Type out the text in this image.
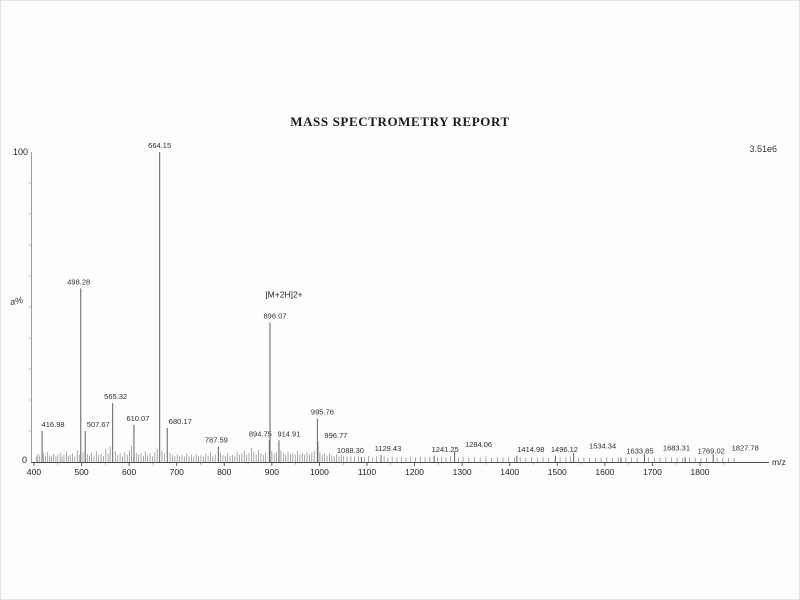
MASS SPECTROMETRY REPORT
3.51e6
100
0
a%
m/z
400	500	600	700	800	900	1000	1100	1200	1300	1400	1500	1600	1700	1800
416.98
498.28
507.67
565.32
610.07
664.15
680.17
787.59
894.75
896.07
[M+2H]2+
914.91
995.76
996.77
1088.30 1129.43	1241.25
1284.06
1414.98 1496.12 1534.34
1633.85 1683.31 1769.02 1827.78
